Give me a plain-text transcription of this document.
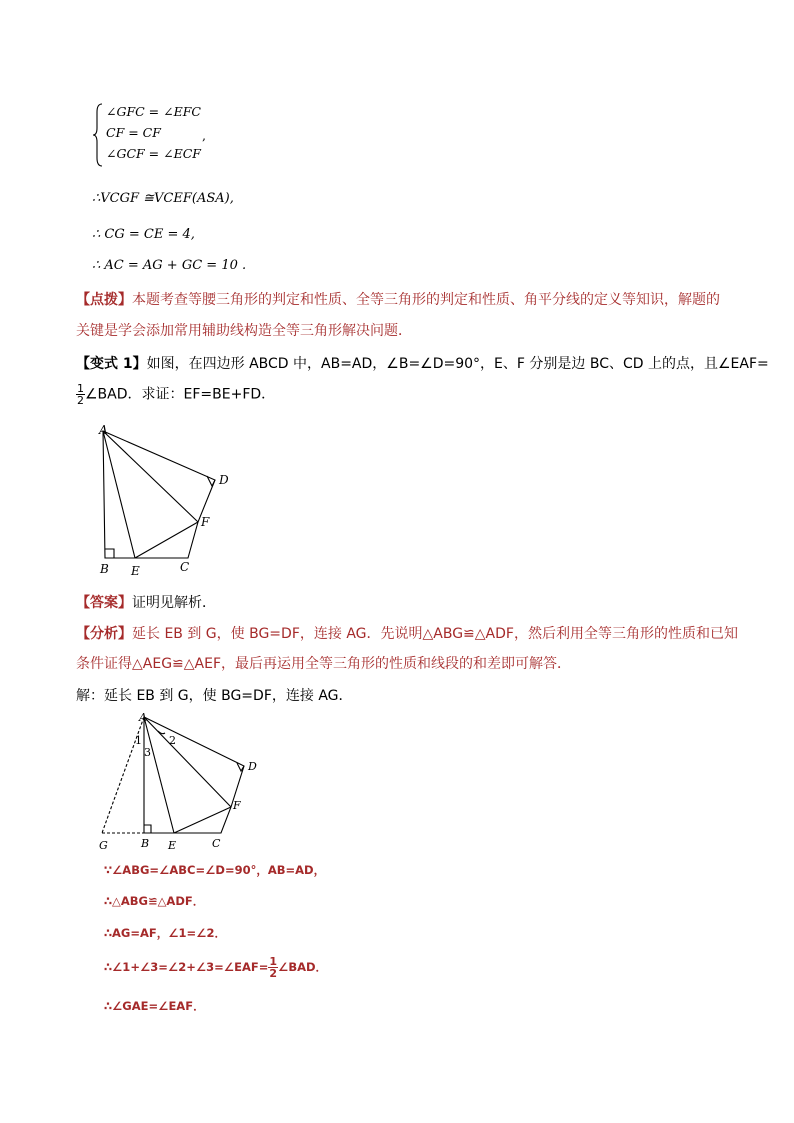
∠GFC = ∠EFC
CF = CF
∠GCF = ∠ECF
,
∴VCGF ≅VCEF(ASA),
∴ CG = CE = 4,
∴ AC = AG + GC = 10 .
【点拨】本题考查等腰三角形的判定和性质、全等三角形的判定和性质、角平分线的定义等知识，解题的
关键是学会添加常用辅助线构造全等三角形解决问题．
【变式 1】如图，在四边形 ABCD 中，AB=AD，∠B=∠D=90°，E、F 分别是边 BC、CD 上的点，且∠EAF=
$\frac{1}{2}$ ∠BAD．求证：EF=BE+FD．
A
B E	C
F
D
【答案】证明见解析．
【分析】延长 EB 到 G，使 BG=DF，连接 AG．先说明△ABG≌△ADF，然后利用全等三角形的性质和已知
条件证得△AEG≌△AEF，最后再运用全等三角形的性质和线段的和差即可解答．
解：延长 EB 到 G，使 BG=DF，连接 AG．
A
1
3
2
D
F
G	B E	C
∵∠ABG=∠ABC=∠D=90°，AB=AD，
∴△ABG≌△ADF．
∴AG=AF，∠1=∠2．
∴∠1+∠3=∠2+∠3=∠EAF= $\frac{1}{2}$ ∠BAD．
∴∠GAE=∠EAF．
